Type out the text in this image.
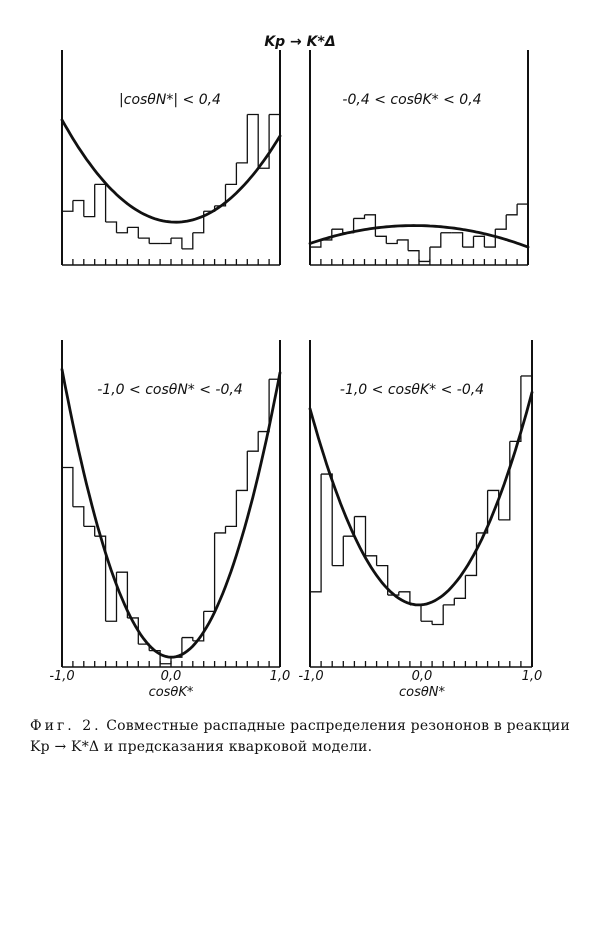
Kp → K*Δ
|cosθN*| < 0,4	-0,4 < cosθK* < 0,4
-1,0 < cosθN* < -0,4
-1,0	0,0	1,0
cosθK*
-1,0 < cosθK* < -0,4
-1,0	0,0	1,0
cosθN*
Фиг. 2. Совместные распадные распределения резононов в реакции Kp → K*Δ и предсказания кварковой модели.
